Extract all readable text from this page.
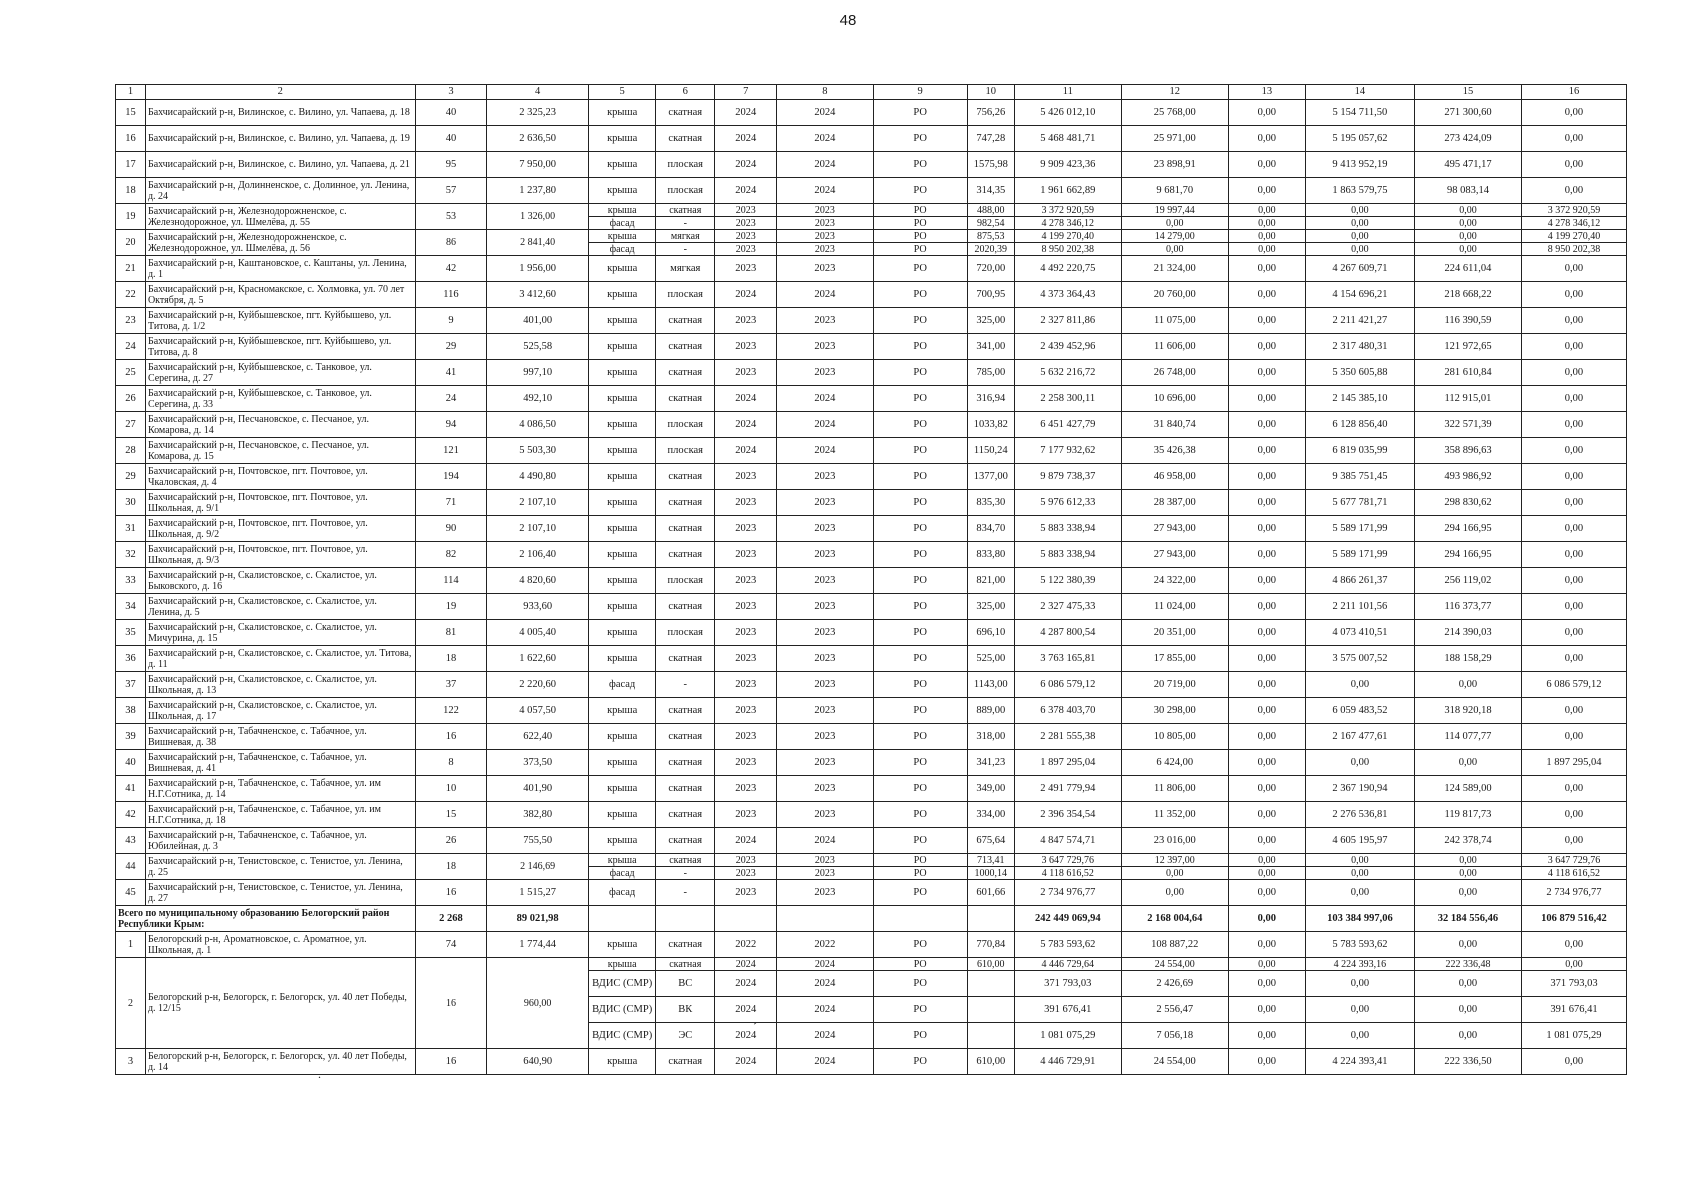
48
1	2	3	4	5	6	7	8	9	10	11	12	13	14	15	16
15	Бахчисарайский р-н, Вилинское, с. Вилино, ул. Чапаева, д. 18	40	2 325,23	крыша	скатная	2024	2024	РО	756,26	5 426 012,10	25 768,00	0,00	5 154 711,50	271 300,60	0,00
16	Бахчисарайский р-н, Вилинское, с. Вилино, ул. Чапаева, д. 19	40	2 636,50	крыша	скатная	2024	2024	РО	747,28	5 468 481,71	25 971,00	0,00	5 195 057,62	273 424,09	0,00
17	Бахчисарайский р-н, Вилинское, с. Вилино, ул. Чапаева, д. 21	95	7 950,00	крыша	плоская	2024	2024	РО	1575,98	9 909 423,36	23 898,91	0,00	9 413 952,19	495 471,17	0,00
18	Бахчисарайский р-н, Долинненское, с. Долинное, ул. Ленина, д. 24	57	1 237,80	крыша	плоская	2024	2024	РО	314,35	1 961 662,89	9 681,70	0,00	1 863 579,75	98 083,14	0,00
19	Бахчисарайский р-н, Железнодорожненское, с. Железнодорожное, ул. Шмелёва, д. 55	53	1 326,00	крыша	скатная	2023	2023	РО	488,00	3 372 920,59	19 997,44	0,00	0,00	0,00	3 372 920,59
				фасад	-	2023	2023	РО	982,54	4 278 346,12	0,00	0,00	0,00	0,00	4 278 346,12
20	Бахчисарайский р-н, Железнодорожненское, с. Железнодорожное, ул. Шмелёва, д. 56	86	2 841,40	крыша	мягкая	2023	2023	РО	875,53	4 199 270,40	14 279,00	0,00	0,00	0,00	4 199 270,40
				фасад	-	2023	2023	РО	2020,39	8 950 202,38	0,00	0,00	0,00	0,00	8 950 202,38
21	Бахчисарайский р-н, Каштановское, с. Каштаны, ул. Ленина, д. 1	42	1 956,00	крыша	мягкая	2023	2023	РО	720,00	4 492 220,75	21 324,00	0,00	4 267 609,71	224 611,04	0,00
22	Бахчисарайский р-н, Красномакское, с. Холмовка, ул. 70 лет Октября, д. 5	116	3 412,60	крыша	плоская	2024	2024	РО	700,95	4 373 364,43	20 760,00	0,00	4 154 696,21	218 668,22	0,00
23	Бахчисарайский р-н, Куйбышевское, пгт. Куйбышево, ул. Титова, д. 1/2	9	401,00	крыша	скатная	2023	2023	РО	325,00	2 327 811,86	11 075,00	0,00	2 211 421,27	116 390,59	0,00
24	Бахчисарайский р-н, Куйбышевское, пгт. Куйбышево, ул. Титова, д. 8	29	525,58	крыша	скатная	2023	2023	РО	341,00	2 439 452,96	11 606,00	0,00	2 317 480,31	121 972,65	0,00
25	Бахчисарайский р-н, Куйбышевское, с. Танковое, ул. Серегина, д. 27	41	997,10	крыша	скатная	2023	2023	РО	785,00	5 632 216,72	26 748,00	0,00	5 350 605,88	281 610,84	0,00
26	Бахчисарайский р-н, Куйбышевское, с. Танковое, ул. Серегина, д. 33	24	492,10	крыша	скатная	2024	2024	РО	316,94	2 258 300,11	10 696,00	0,00	2 145 385,10	112 915,01	0,00
27	Бахчисарайский р-н, Песчановское, с. Песчаное, ул. Комарова, д. 14	94	4 086,50	крыша	плоская	2024	2024	РО	1033,82	6 451 427,79	31 840,74	0,00	6 128 856,40	322 571,39	0,00
28	Бахчисарайский р-н, Песчановское, с. Песчаное, ул. Комарова, д. 15	121	5 503,30	крыша	плоская	2024	2024	РО	1150,24	7 177 932,62	35 426,38	0,00	6 819 035,99	358 896,63	0,00
29	Бахчисарайский р-н, Почтовское, пгт. Почтовое, ул. Чкаловская, д. 4	194	4 490,80	крыша	скатная	2023	2023	РО	1377,00	9 879 738,37	46 958,00	0,00	9 385 751,45	493 986,92	0,00
30	Бахчисарайский р-н, Почтовское, пгт. Почтовое, ул. Школьная, д. 9/1	71	2 107,10	крыша	скатная	2023	2023	РО	835,30	5 976 612,33	28 387,00	0,00	5 677 781,71	298 830,62	0,00
31	Бахчисарайский р-н, Почтовское, пгт. Почтовое, ул. Школьная, д. 9/2	90	2 107,10	крыша	скатная	2023	2023	РО	834,70	5 883 338,94	27 943,00	0,00	5 589 171,99	294 166,95	0,00
32	Бахчисарайский р-н, Почтовское, пгт. Почтовое, ул. Школьная, д. 9/3	82	2 106,40	крыша	скатная	2023	2023	РО	833,80	5 883 338,94	27 943,00	0,00	5 589 171,99	294 166,95	0,00
33	Бахчисарайский р-н, Скалистовское, с. Скалистое, ул. Быковского, д. 16	114	4 820,60	крыша	плоская	2023	2023	РО	821,00	5 122 380,39	24 322,00	0,00	4 866 261,37	256 119,02	0,00
34	Бахчисарайский р-н, Скалистовское, с. Скалистое, ул. Ленина, д. 5	19	933,60	крыша	скатная	2023	2023	РО	325,00	2 327 475,33	11 024,00	0,00	2 211 101,56	116 373,77	0,00
35	Бахчисарайский р-н, Скалистовское, с. Скалистое, ул. Мичурина, д. 15	81	4 005,40	крыша	плоская	2023	2023	РО	696,10	4 287 800,54	20 351,00	0,00	4 073 410,51	214 390,03	0,00
36	Бахчисарайский р-н, Скалистовское, с. Скалистое, ул. Титова, д. 11	18	1 622,60	крыша	скатная	2023	2023	РО	525,00	3 763 165,81	17 855,00	0,00	3 575 007,52	188 158,29	0,00
37	Бахчисарайский р-н, Скалистовское, с. Скалистое, ул. Школьная, д. 13	37	2 220,60	фасад	-	2023	2023	РО	1143,00	6 086 579,12	20 719,00	0,00	0,00	0,00	6 086 579,12
38	Бахчисарайский р-н, Скалистовское, с. Скалистое, ул. Школьная, д. 17	122	4 057,50	крыша	скатная	2023	2023	РО	889,00	6 378 403,70	30 298,00	0,00	6 059 483,52	318 920,18	0,00
39	Бахчисарайский р-н, Табачненское, с. Табачное, ул. Вишневая, д. 38	16	622,40	крыша	скатная	2023	2023	РО	318,00	2 281 555,38	10 805,00	0,00	2 167 477,61	114 077,77	0,00
40	Бахчисарайский р-н, Табачненское, с. Табачное, ул. Вишневая, д. 41	8	373,50	крыша	скатная	2023	2023	РО	341,23	1 897 295,04	6 424,00	0,00	0,00	0,00	1 897 295,04
41	Бахчисарайский р-н, Табачненское, с. Табачное, ул. им Н.Г.Сотника, д. 14	10	401,90	крыша	скатная	2023	2023	РО	349,00	2 491 779,94	11 806,00	0,00	2 367 190,94	124 589,00	0,00
42	Бахчисарайский р-н, Табачненское, с. Табачное, ул. им Н.Г.Сотника, д. 18	15	382,80	крыша	скатная	2023	2023	РО	334,00	2 396 354,54	11 352,00	0,00	2 276 536,81	119 817,73	0,00
43	Бахчисарайский р-н, Табачненское, с. Табачное, ул. Юбилейная, д. 3	26	755,50	крыша	скатная	2024	2024	РО	675,64	4 847 574,71	23 016,00	0,00	4 605 195,97	242 378,74	0,00
44	Бахчисарайский р-н, Тенистовское, с. Тенистое, ул. Ленина, д. 25	18	2 146,69	крыша	скатная	2023	2023	РО	713,41	3 647 729,76	12 397,00	0,00	0,00	0,00	3 647 729,76
				фасад	-	2023	2023	РО	1000,14	4 118 616,52	0,00	0,00	0,00	0,00	4 118 616,52
45	Бахчисарайский р-н, Тенистовское, с. Тенистое, ул. Ленина, д. 27	16	1 515,27	фасад	-	2023	2023	РО	601,66	2 734 976,77	0,00	0,00	0,00	0,00	2 734 976,77
Всего по муниципальному образованию Белогорский район Республики Крым:		2 268	89 021,98							242 449 069,94	2 168 004,64	0,00	103 384 997,06	32 184 556,46	106 879 516,42
1	Белогорский р-н, Ароматновское, с. Ароматное, ул. Школьная, д. 1	74	1 774,44	крыша	скатная	2022	2022	РО	770,84	5 783 593,62	108 887,22	0,00	5 783 593,62	0,00	0,00
2	Белогорский р-н, Белогорск, г. Белогорск, ул. 40 лет Победы, д. 12/15	16	960,00	крыша	скатная	2024	2024	РО	610,00	4 446 729,64	24 554,00	0,00	4 224 393,16	222 336,48	0,00
				ВДИС (СМР)	ВС	2024	2024	РО		371 793,03	2 426,69	0,00	0,00	0,00	371 793,03
				ВДИС (СМР)	ВК	2024	2024	РО		391 676,41	2 556,47	0,00	0,00	0,00	391 676,41
				ВДИС (СМР)	ЭС	2024	2024	РО		1 081 075,29	7 056,18	0,00	0,00	0,00	1 081 075,29
3	Белогорский р-н, Белогорск, г. Белогорск, ул. 40 лет Победы, д. 14	16	640,90	крыша	скатная	2024	2024	РО	610,00	4 446 729,91	24 554,00	0,00	4 224 393,41	222 336,50	0,00
´
.
